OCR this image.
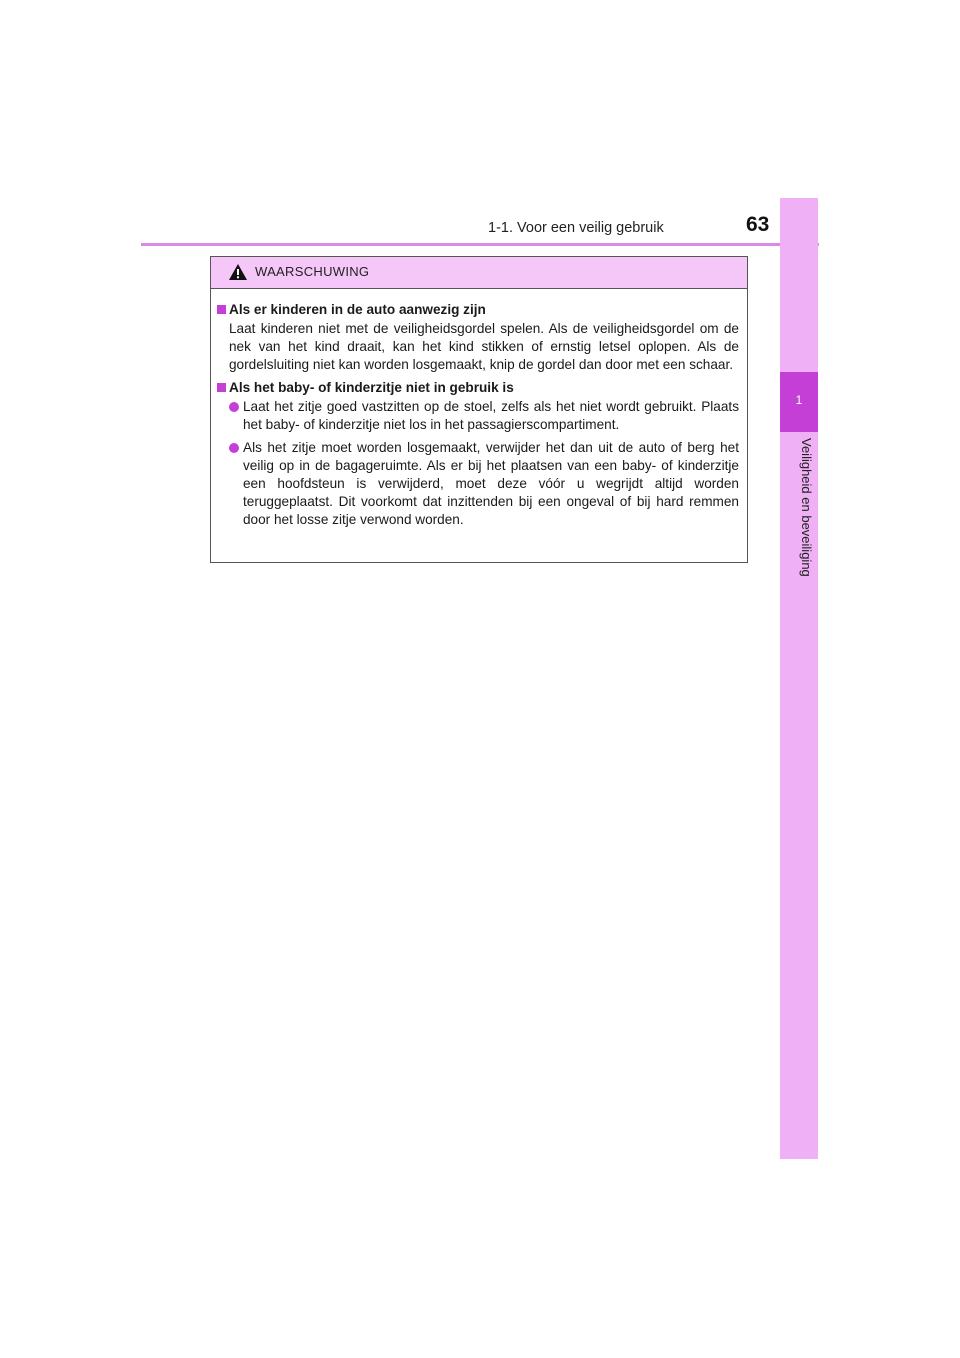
1-1. Voor een veilig gebruik	63
1
Veiligheid en beveiliging
WAARSCHUWING
Als er kinderen in de auto aanwezig zijn
Laat kinderen niet met de veiligheidsgordel spelen. Als de veiligheidsgordel om de nek van het kind draait, kan het kind stikken of ernstig letsel oplopen. Als de gordelsluiting niet kan worden losgemaakt, knip de gordel dan door met een schaar.
Als het baby- of kinderzitje niet in gebruik is
Laat het zitje goed vastzitten op de stoel, zelfs als het niet wordt gebruikt. Plaats het baby- of kinderzitje niet los in het passagierscompartiment.
Als het zitje moet worden losgemaakt, verwijder het dan uit de auto of berg het veilig op in de bagageruimte. Als er bij het plaatsen van een baby- of kinderzitje een hoofdsteun is verwijderd, moet deze vóór u wegrijdt altijd worden teruggeplaatst. Dit voorkomt dat inzittenden bij een ongeval of bij hard remmen door het losse zitje verwond worden.
